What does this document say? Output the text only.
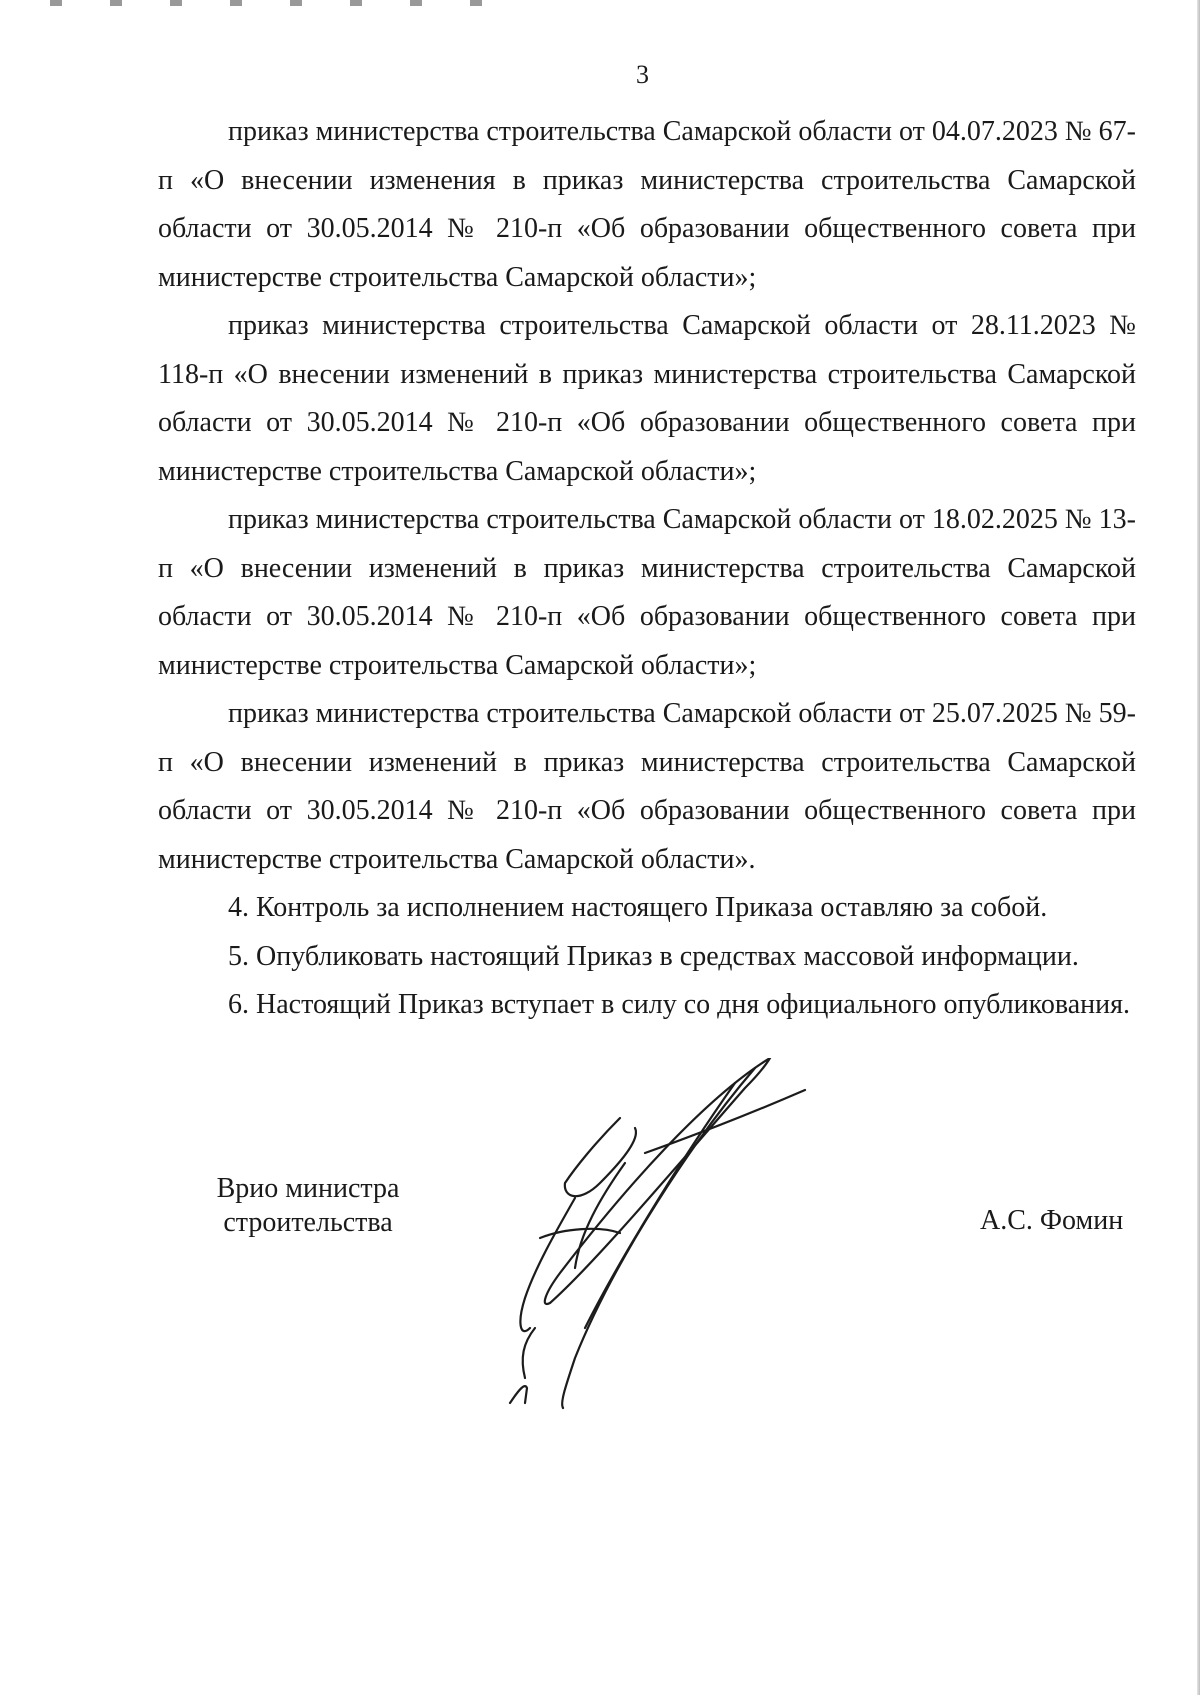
3

приказ министерства строительства Самарской области от 04.07.2023 № 67-п «О внесении изменения в приказ министерства строительства Самарской области от 30.05.2014 № 210-п «Об образовании общественного совета при министерстве строительства Самарской области»;

приказ министерства строительства Самарской области от 28.11.2023 № 118-п «О внесении изменений в приказ министерства строительства Самарской области от 30.05.2014 № 210-п «Об образовании общественного совета при министерстве строительства Самарской области»;

приказ министерства строительства Самарской области от 18.02.2025 № 13-п «О внесении изменений в приказ министерства строительства Самарской области от 30.05.2014 № 210-п «Об образовании общественного совета при министерстве строительства Самарской области»;

приказ министерства строительства Самарской области от 25.07.2025 № 59-п «О внесении изменений в приказ министерства строительства Самарской области от 30.05.2014 № 210-п «Об образовании общественного совета при министерстве строительства Самарской области».

4. Контроль за исполнением настоящего Приказа оставляю за собой.

5. Опубликовать настоящий Приказ в средствах массовой информации.

6. Настоящий Приказ вступает в силу со дня официального опубликования.

Врио министра
строительства	А.С. Фомин
